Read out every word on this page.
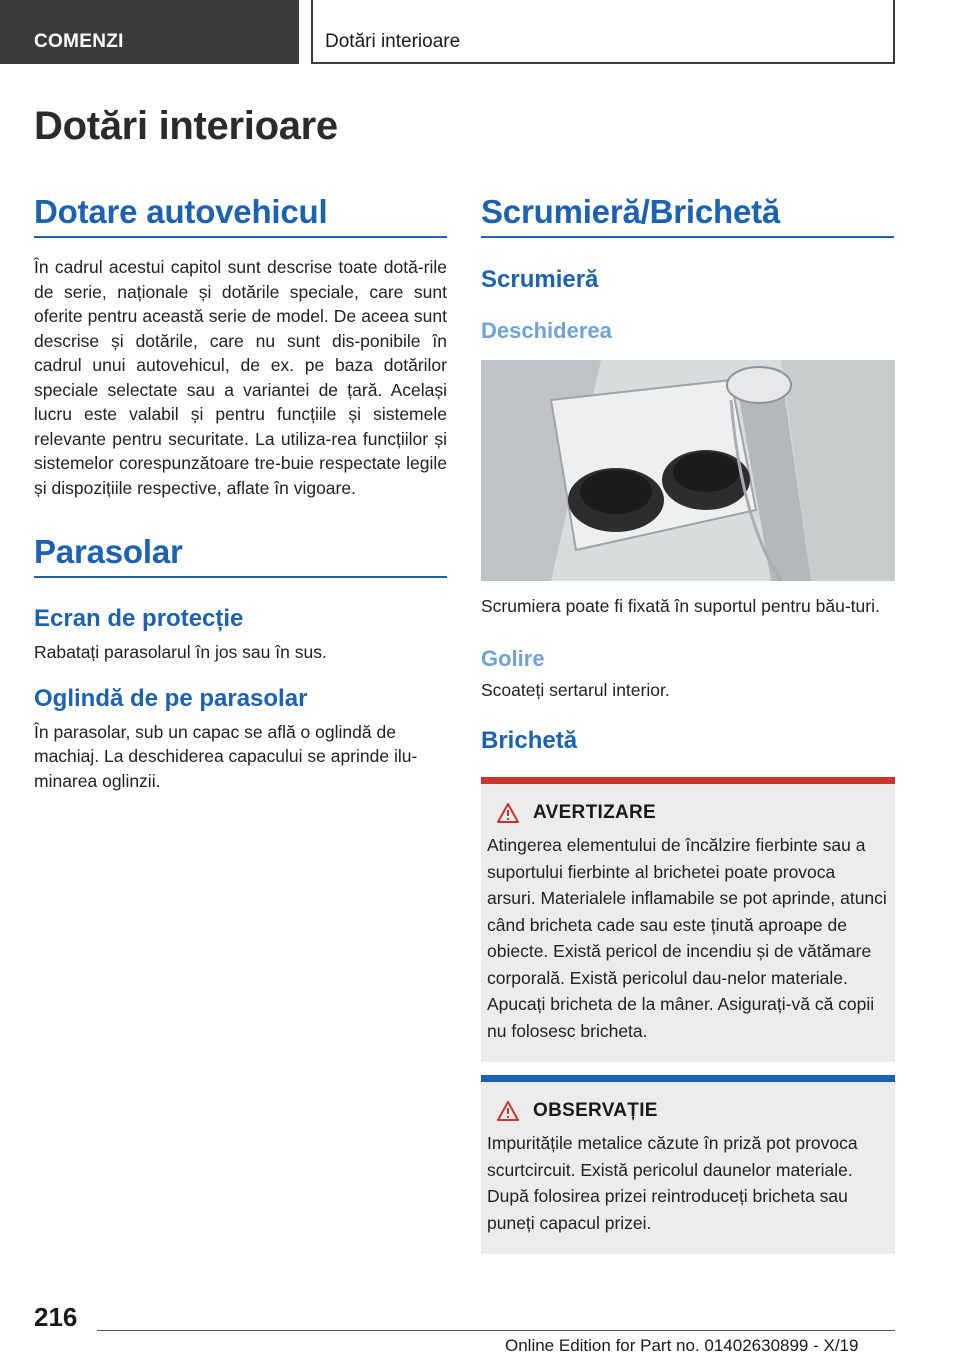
COMENZI	Dotări interioare
Dotări interioare
Dotare autovehicul

În cadrul acestui capitol sunt descrise toate dotă-rile de serie, naționale și dotările speciale, care sunt oferite pentru această serie de model. De aceea sunt descrise și dotările, care nu sunt dis-ponibile în cadrul unui autovehicul, de ex. pe baza dotărilor speciale selectate sau a variantei de țară. Același lucru este valabil și pentru funcțiile și sistemele relevante pentru securitate. La utiliza-rea funcțiilor și sistemelor corespunzătoare tre-buie respectate legile și dispozițiile respective, aflate în vigoare.

Parasolar
Ecran de protecție

Rabatați parasolarul în jos sau în sus.

Oglindă de pe parasolar

În parasolar, sub un capac se află o oglindă de machiaj. La deschiderea capacului se aprinde ilu-minarea oglinzii.

Scrumieră/Brichetă
Scrumieră
Deschiderea

Scrumiera poate fi fixată în suportul pentru bău-turi.

Golire

Scoateți sertarul interior.

Brichetă
AVERTIZARE
Atingerea elementului de încălzire fierbinte sau a suportului fierbinte al brichetei poate provoca arsuri. Materialele inflamabile se pot aprinde, atunci când bricheta cade sau este ținută aproape de obiecte. Există pericol de incendiu și de vătămare corporală. Există pericolul dau-nelor materiale. Apucați bricheta de la mâner. Asigurați-vă că copii nu folosesc bricheta.
OBSERVAȚIE
Impuritățile metalice căzute în priză pot provoca scurtcircuit. Există pericolul daunelor materiale. După folosirea prizei reintroduceți bricheta sau puneți capacul prizei.
216
Online Edition for Part no. 01402630899 - X/19
